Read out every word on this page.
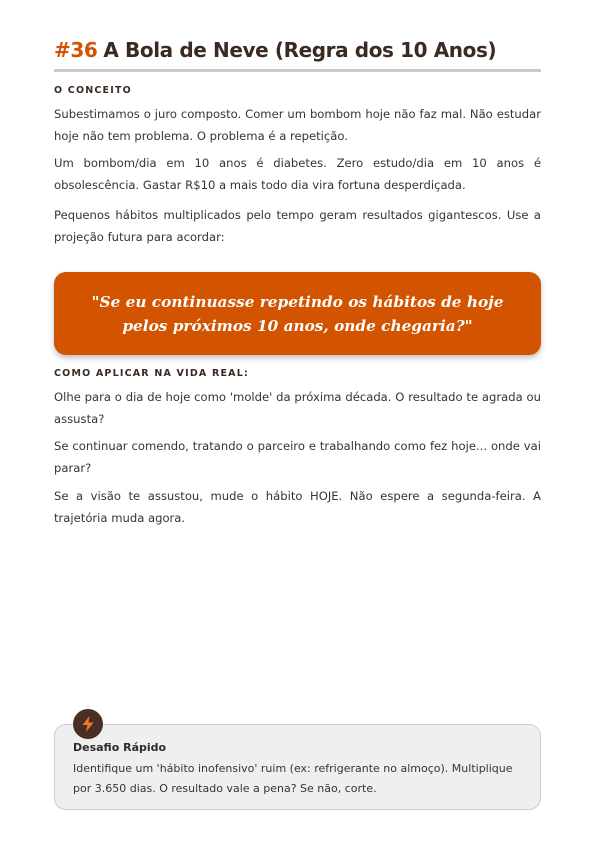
#36 A Bola de Neve (Regra dos 10 Anos)
O CONCEITO

Subestimamos o juro composto. Comer um bombom hoje não faz mal. Não estudar hoje não tem problema. O problema é a repetição.

Um bombom/dia em 10 anos é diabetes. Zero estudo/dia em 10 anos é obsolescência. Gastar R$10 a mais todo dia vira fortuna desperdiçada.

Pequenos hábitos multiplicados pelo tempo geram resultados gigantescos. Use a projeção futura para acordar:

"Se eu continuasse repetindo os hábitos de hoje pelos próximos 10 anos, onde chegaria?"
COMO APLICAR NA VIDA REAL:

Olhe para o dia de hoje como 'molde' da próxima década. O resultado te agrada ou assusta?

Se continuar comendo, tratando o parceiro e trabalhando como fez hoje... onde vai parar?

Se a visão te assustou, mude o hábito HOJE. Não espere a segunda-feira. A trajetória muda agora.

Desafio Rápido

Identifique um 'hábito inofensivo' ruim (ex: refrigerante no almoço). Multiplique por 3.650 dias. O resultado vale a pena? Se não, corte.
